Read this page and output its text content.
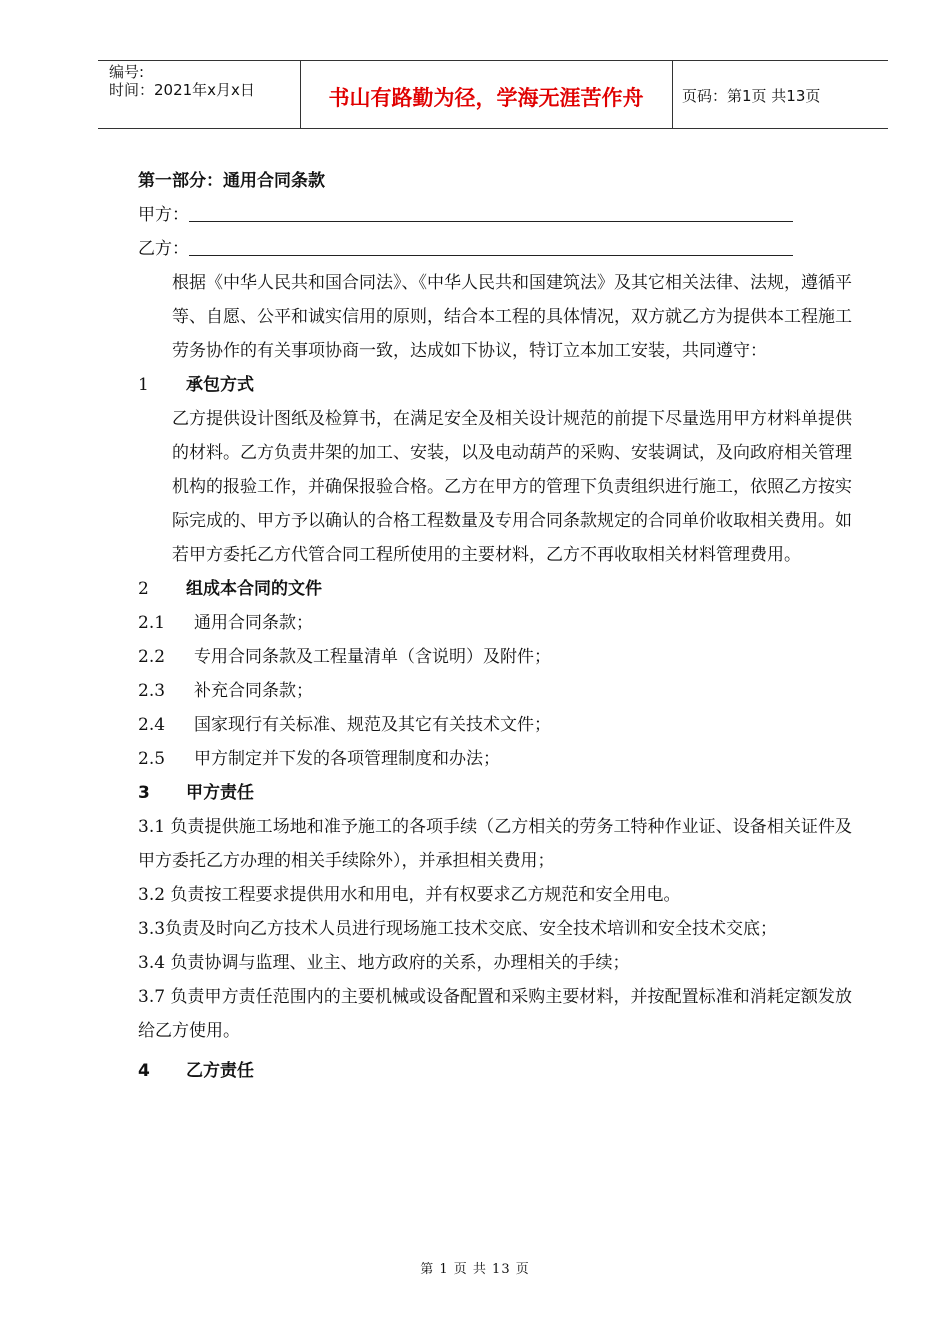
编号:
时间：2021年x月x日	书山有路勤为径，学海无涯苦作舟	页码：第1页 共13页
第一部分：通用合同条款
甲方：
乙方：
根据《中华人民共和国合同法》、《中华人民共和国建筑法》及其它相关法律、法规，遵循平等、自愿、公平和诚实信用的原则，结合本工程的具体情况，双方就乙方为提供本工程施工劳务协作的有关事项协商一致，达成如下协议，特订立本加工安装，共同遵守：
1 承包方式
乙方提供设计图纸及检算书，在满足安全及相关设计规范的前提下尽量选用甲方材料单提供的材料。乙方负责井架的加工、安装，以及电动葫芦的采购、安装调试，及向政府相关管理机构的报验工作，并确保报验合格。乙方在甲方的管理下负责组织进行施工，依照乙方按实际完成的、甲方予以确认的合格工程数量及专用合同条款规定的合同单价收取相关费用。如若甲方委托乙方代管合同工程所使用的主要材料，乙方不再收取相关材料管理费用。
2 组成本合同的文件
2.1 通用合同条款；
2.2 专用合同条款及工程量清单（含说明）及附件；
2.3 补充合同条款；
2.4 国家现行有关标准、规范及其它有关技术文件；
2.5 甲方制定并下发的各项管理制度和办法；
3 甲方责任
3.1 负责提供施工场地和准予施工的各项手续（乙方相关的劳务工特种作业证、设备相关证件及甲方委托乙方办理的相关手续除外），并承担相关费用；
3.2 负责按工程要求提供用水和用电，并有权要求乙方规范和安全用电。
3.3负责及时向乙方技术人员进行现场施工技术交底、安全技术培训和安全技术交底；
3.4 负责协调与监理、业主、地方政府的关系，办理相关的手续；
3.7 负责甲方责任范围内的主要机械或设备配置和采购主要材料，并按配置标准和消耗定额发放给乙方使用。
4 乙方责任
第 1 页 共 13 页
